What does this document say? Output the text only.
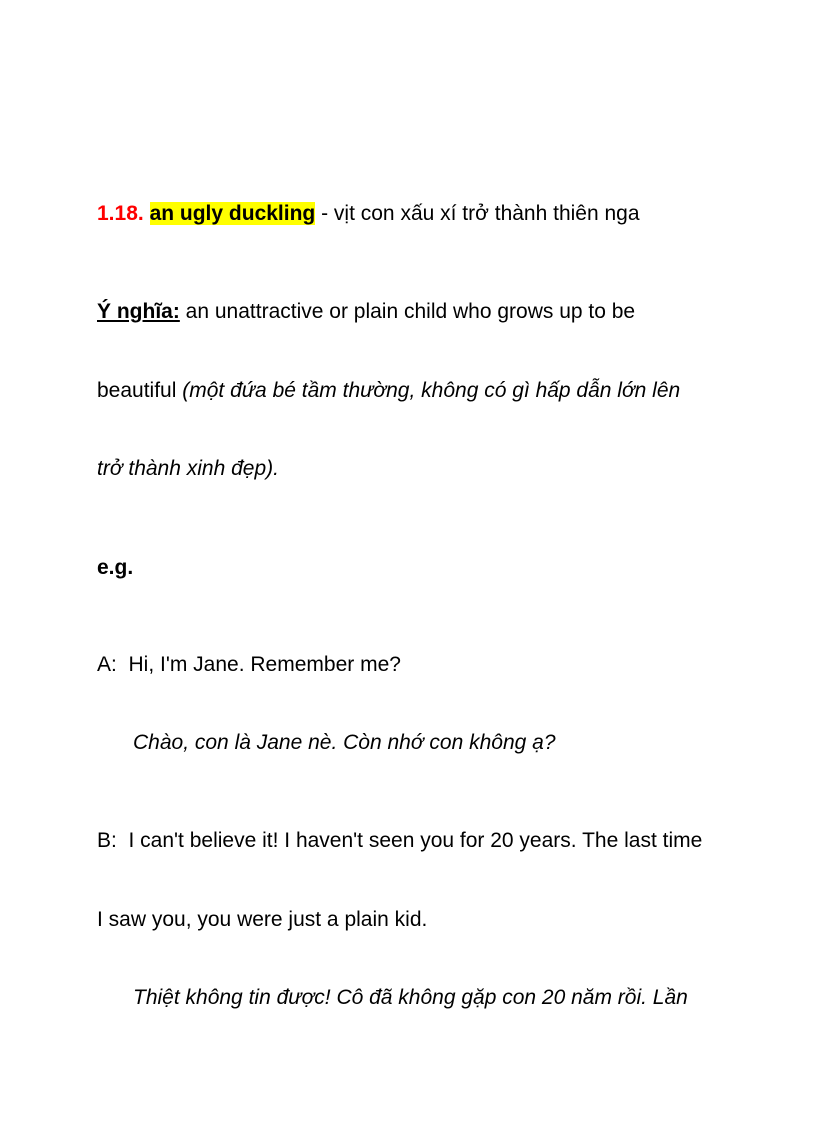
1.18. an ugly duckling - vịt con xấu xí trở thành thiên nga
Ý nghĩa: an unattractive or plain child who grows up to be
beautiful (một đứa bé tầm thường, không có gì hấp dẫn lớn lên
trở thành xinh đẹp).
e.g.
A: Hi, I'm Jane. Remember me?
Chào, con là Jane nè. Còn nhớ con không ạ?
B: I can't believe it! I haven't seen you for 20 years. The last time
I saw you, you were just a plain kid.
Thiệt không tin được! Cô đã không gặp con 20 năm rồi. Lần
